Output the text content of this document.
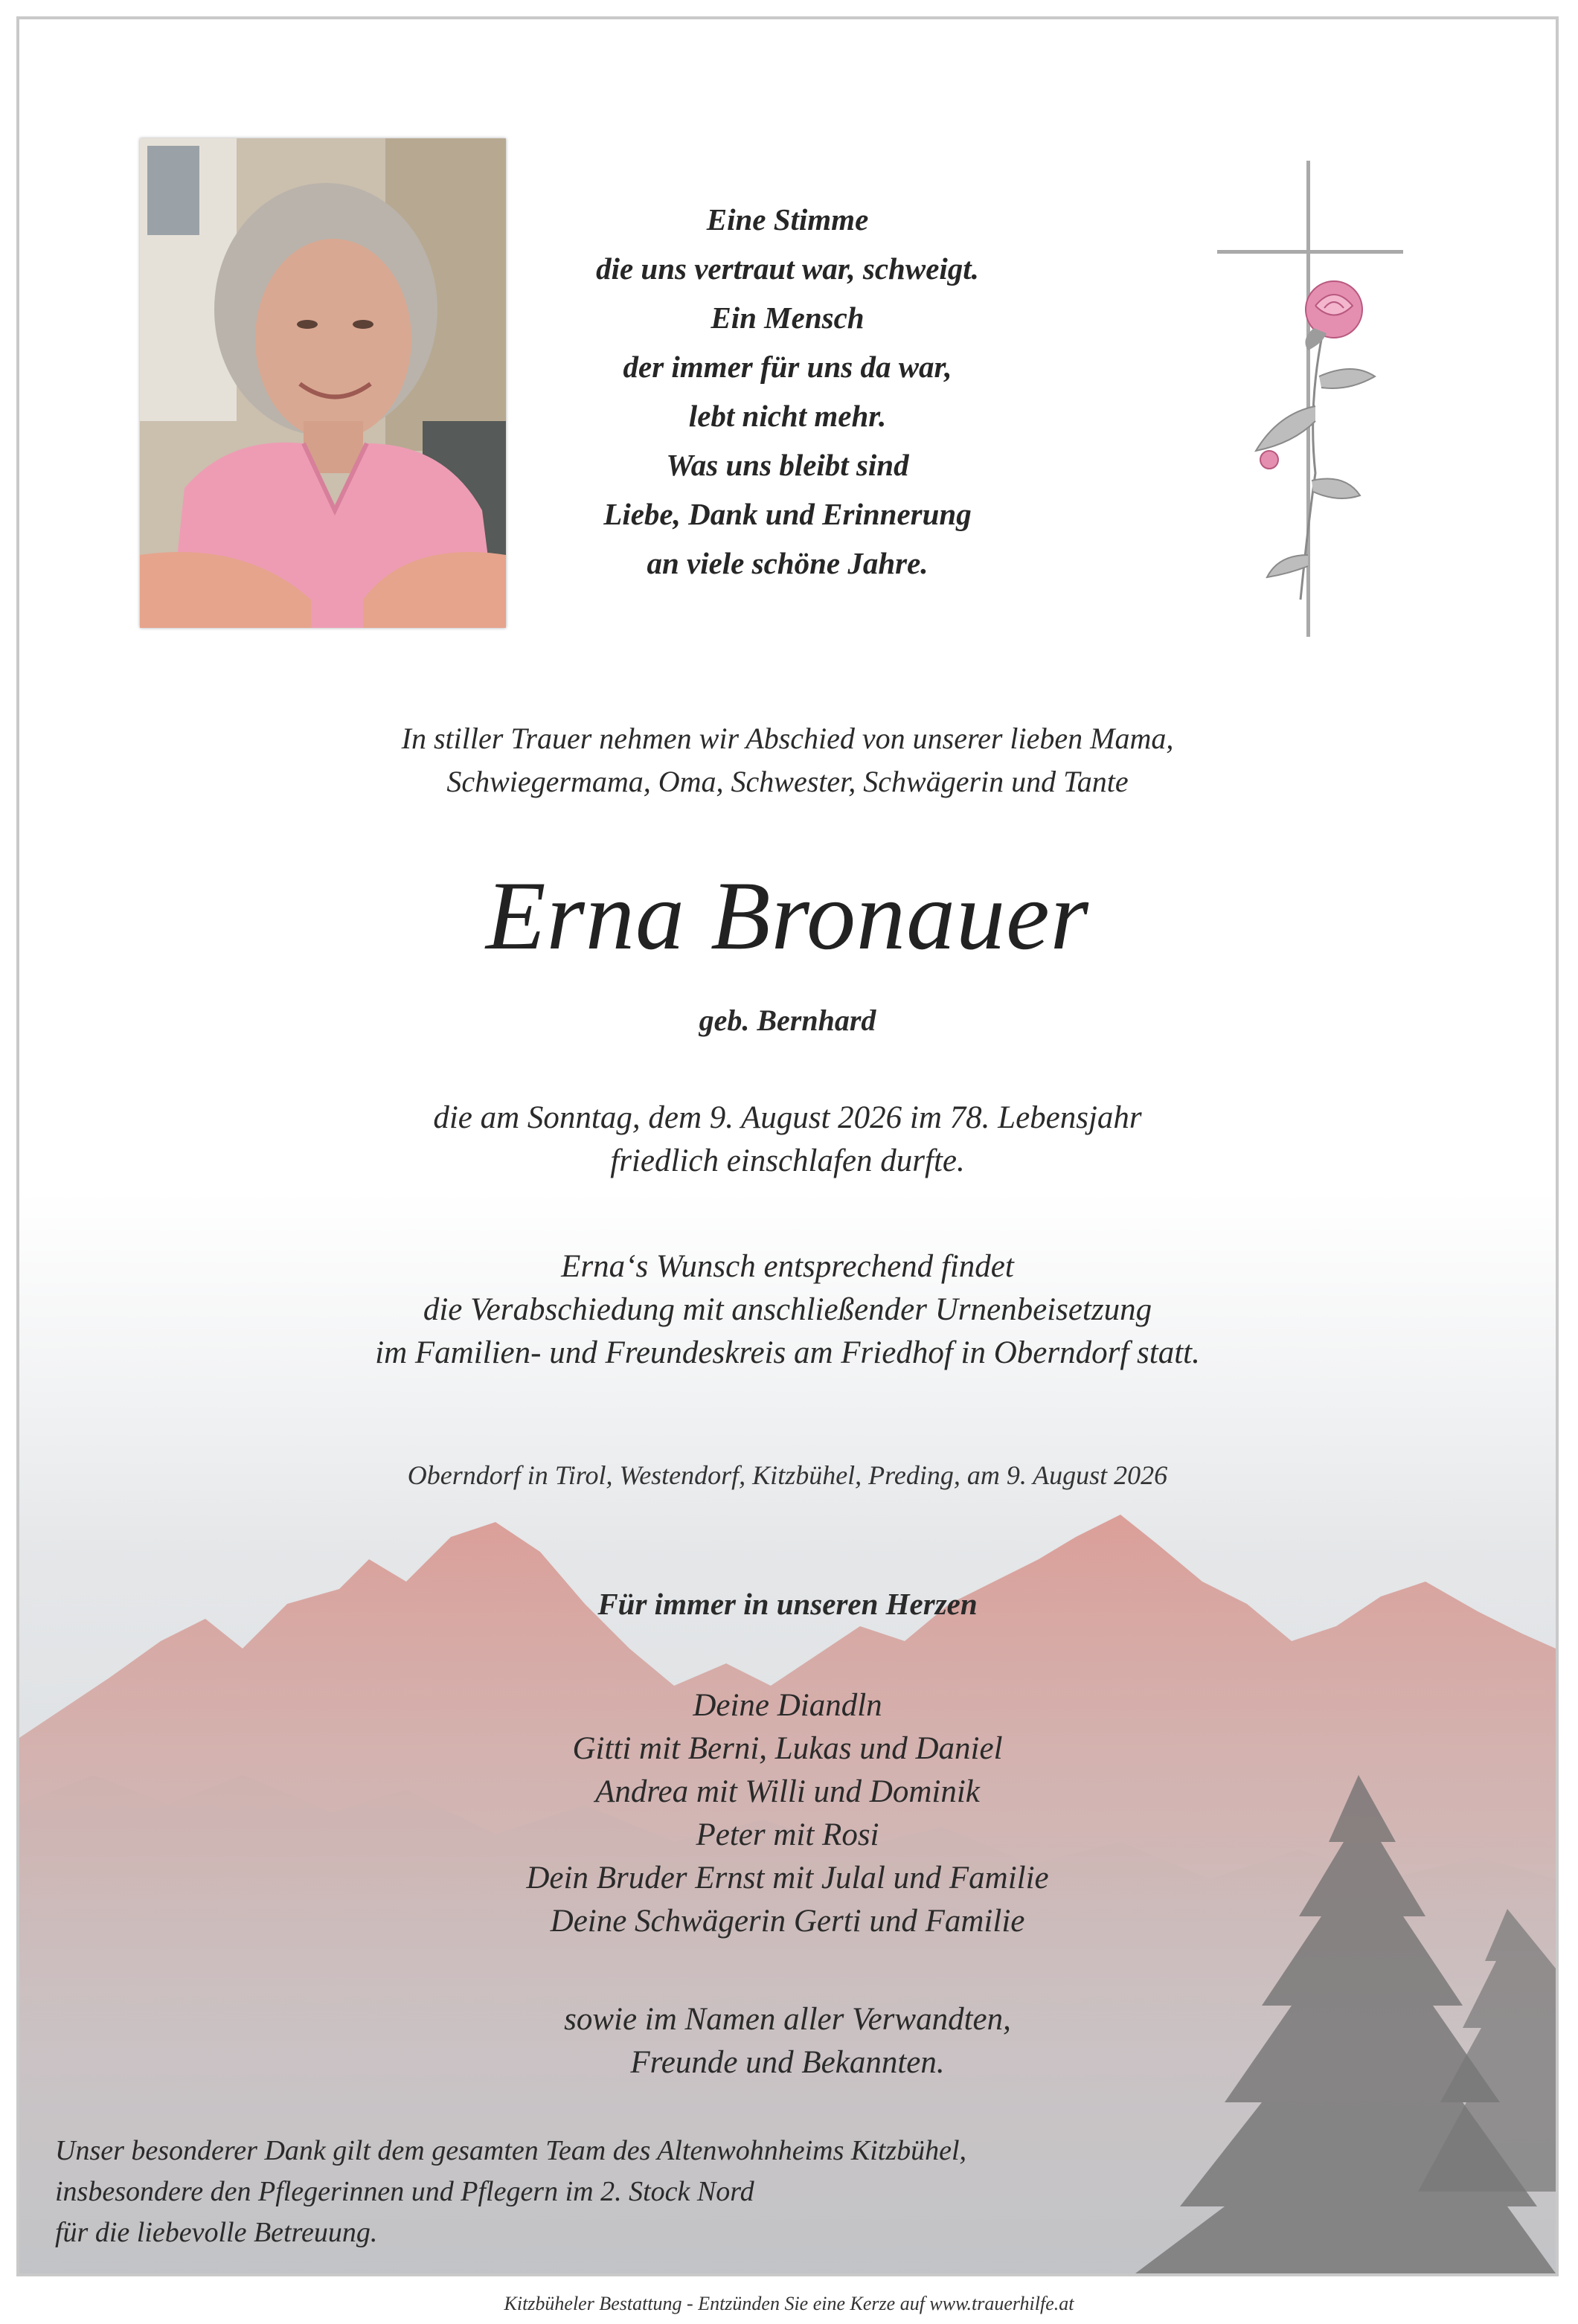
Eine Stimme
die uns vertraut war, schweigt.
Ein Mensch
der immer für uns da war,
lebt nicht mehr.
Was uns bleibt sind
Liebe, Dank und Erinnerung
an viele schöne Jahre.
In stiller Trauer nehmen wir Abschied von unserer lieben Mama,
Schwiegermama, Oma, Schwester, Schwägerin und Tante
Erna Bronauer
geb. Bernhard
die am Sonntag, dem 9. August 2026 im 78. Lebensjahr
friedlich einschlafen durfte.
Erna‘s Wunsch entsprechend findet
die Verabschiedung mit anschließender Urnenbeisetzung
im Familien- und Freundeskreis am Friedhof in Oberndorf statt.
Oberndorf in Tirol, Westendorf, Kitzbühel, Preding, am 9. August 2026
Für immer in unseren Herzen
Deine Diandln
Gitti mit Berni, Lukas und Daniel
Andrea mit Willi und Dominik
Peter mit Rosi
Dein Bruder Ernst mit Julal und Familie
Deine Schwägerin Gerti und Familie
sowie im Namen aller Verwandten,
Freunde und Bekannten.
Unser besonderer Dank gilt dem gesamten Team des Altenwohnheims Kitzbühel,
insbesondere den Pflegerinnen und Pflegern im 2. Stock Nord
für die liebevolle Betreuung.
Kitzbüheler Bestattung - Entzünden Sie eine Kerze auf www.trauerhilfe.at
